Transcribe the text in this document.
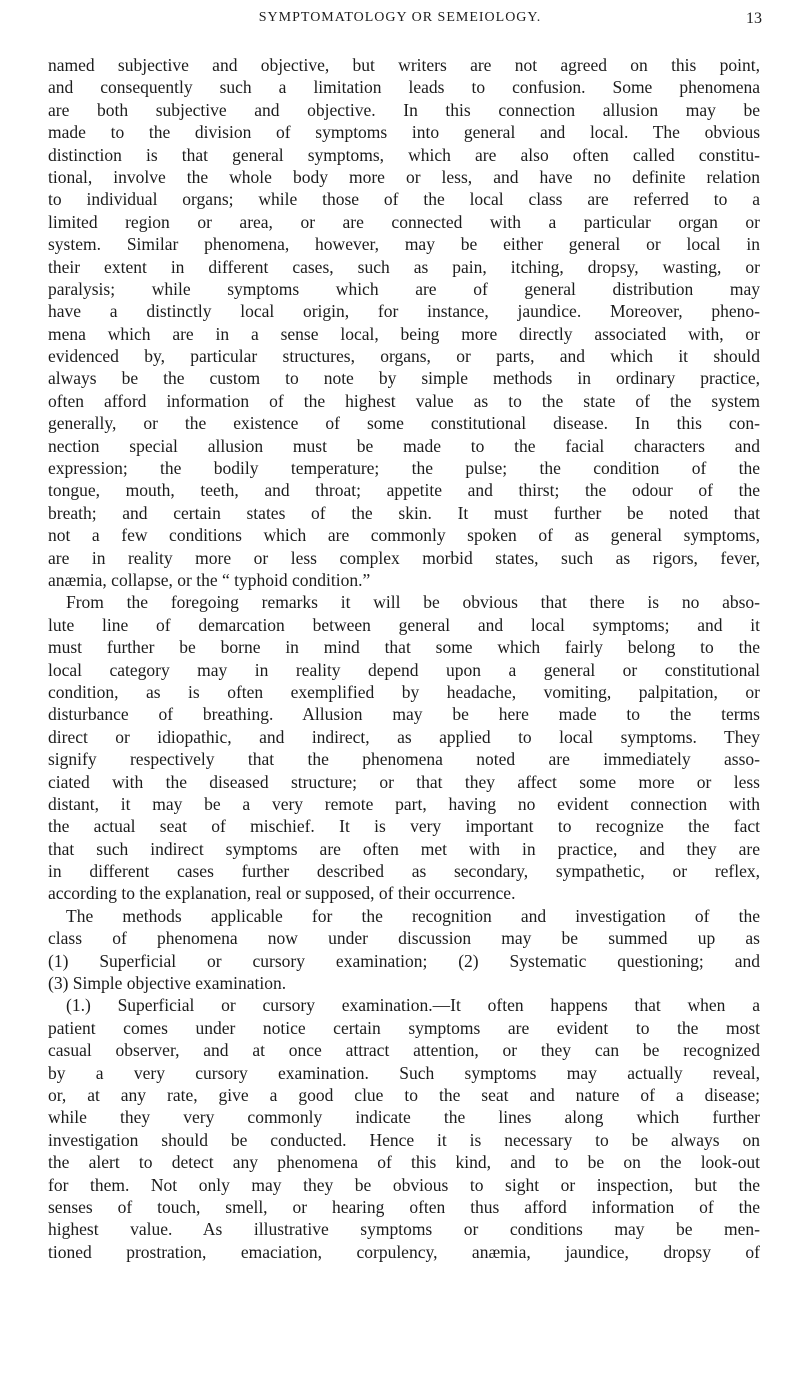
SYMPTOMATOLOGY OR SEMEIOLOGY.	13
named subjective and objective, but writers are not agreed on this point,
and consequently such a limitation leads to confusion. Some phenomena
are both subjective and objective. In this connection allusion may be
made to the division of symptoms into general and local. The obvious
distinction is that general symptoms, which are also often called constitu-
tional, involve the whole body more or less, and have no definite relation
to individual organs; while those of the local class are referred to a
limited region or area, or are connected with a particular organ or
system. Similar phenomena, however, may be either general or local in
their extent in different cases, such as pain, itching, dropsy, wasting, or
paralysis; while symptoms which are of general distribution may
have a distinctly local origin, for instance, jaundice. Moreover, pheno-
mena which are in a sense local, being more directly associated with, or
evidenced by, particular structures, organs, or parts, and which it should
always be the custom to note by simple methods in ordinary practice,
often afford information of the highest value as to the state of the system
generally, or the existence of some constitutional disease. In this con-
nection special allusion must be made to the facial characters and
expression; the bodily temperature; the pulse; the condition of the
tongue, mouth, teeth, and throat; appetite and thirst; the odour of the
breath; and certain states of the skin. It must further be noted that
not a few conditions which are commonly spoken of as general symptoms,
are in reality more or less complex morbid states, such as rigors, fever,
anæmia, collapse, or the “ typhoid condition.”
From the foregoing remarks it will be obvious that there is no abso-
lute line of demarcation between general and local symptoms; and it
must further be borne in mind that some which fairly belong to the
local category may in reality depend upon a general or constitutional
condition, as is often exemplified by headache, vomiting, palpitation, or
disturbance of breathing. Allusion may be here made to the terms
direct or idiopathic, and indirect, as applied to local symptoms. They
signify respectively that the phenomena noted are immediately asso-
ciated with the diseased structure; or that they affect some more or less
distant, it may be a very remote part, having no evident connection with
the actual seat of mischief. It is very important to recognize the fact
that such indirect symptoms are often met with in practice, and they are
in different cases further described as secondary, sympathetic, or reflex,
according to the explanation, real or supposed, of their occurrence.
The methods applicable for the recognition and investigation of the
class of phenomena now under discussion may be summed up as
(1) Superficial or cursory examination; (2) Systematic questioning; and
(3) Simple objective examination.
(1.) Superficial or cursory examination.—It often happens that when a
patient comes under notice certain symptoms are evident to the most
casual observer, and at once attract attention, or they can be recognized
by a very cursory examination. Such symptoms may actually reveal,
or, at any rate, give a good clue to the seat and nature of a disease;
while they very commonly indicate the lines along which further
investigation should be conducted. Hence it is necessary to be always on
the alert to detect any phenomena of this kind, and to be on the look-out
for them. Not only may they be obvious to sight or inspection, but the
senses of touch, smell, or hearing often thus afford information of the
highest value. As illustrative symptoms or conditions may be men-
tioned prostration, emaciation, corpulency, anæmia, jaundice, dropsy of
